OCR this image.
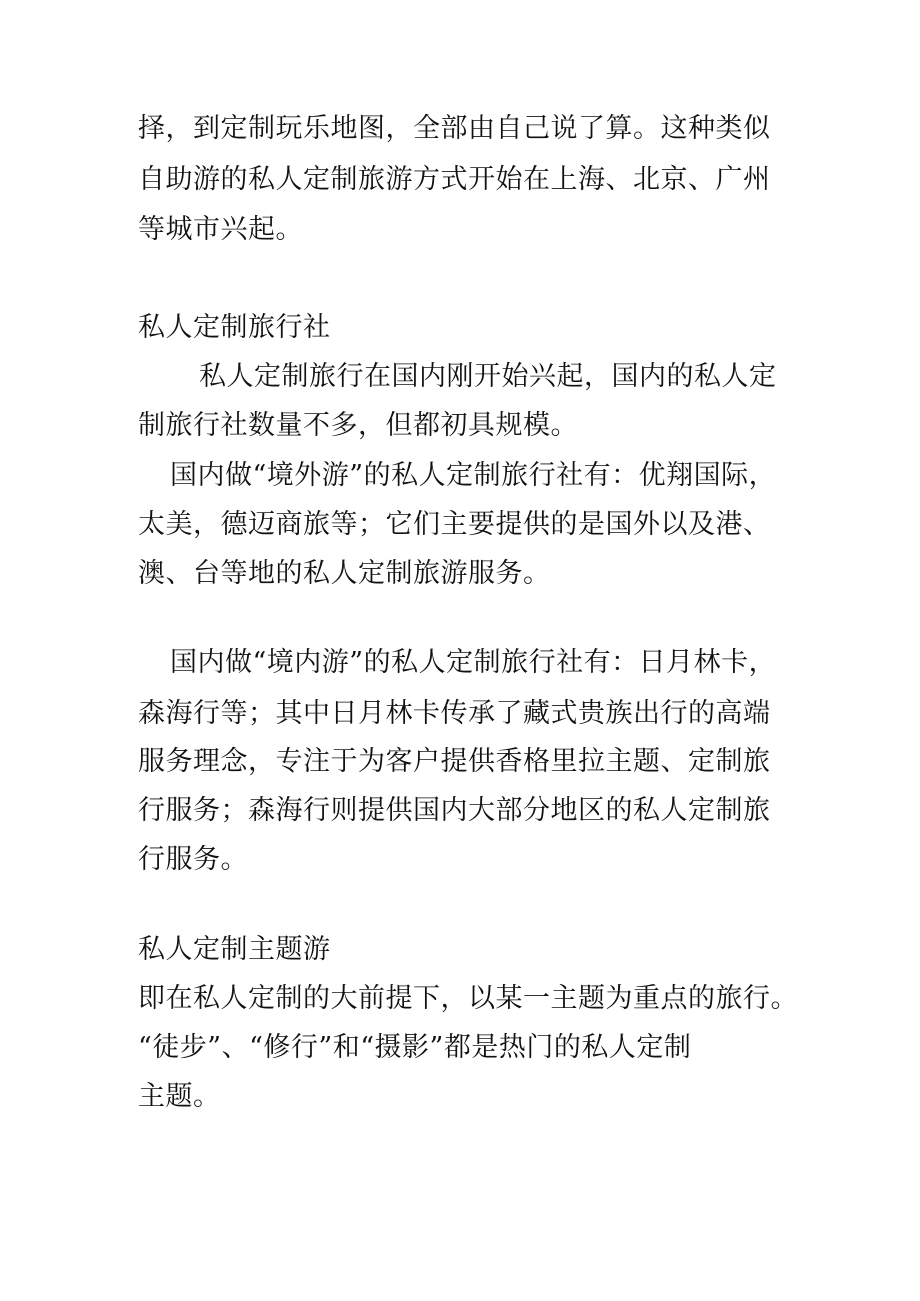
择，到定制玩乐地图，全部由自己说了算。这种类似
自助游的私人定制旅游方式开始在上海、北京、广州
等城市兴起。
私人定制旅行社
私人定制旅行在国内刚开始兴起，国内的私人定
制旅行社数量不多，但都初具规模。
国内做“境外游”的私人定制旅行社有：优翔国际，
太美，德迈商旅等；它们主要提供的是国外以及港、
澳、台等地的私人定制旅游服务。
国内做“境内游”的私人定制旅行社有：日月林卡，
森海行等；其中日月林卡传承了藏式贵族出行的高端
服务理念，专注于为客户提供香格里拉主题、定制旅
行服务；森海行则提供国内大部分地区的私人定制旅
行服务。
私人定制主题游
即在私人定制的大前提下，以某一主题为重点的旅行。
“徒步”、“修行”和“摄影”都是热门的私人定制
主题。
